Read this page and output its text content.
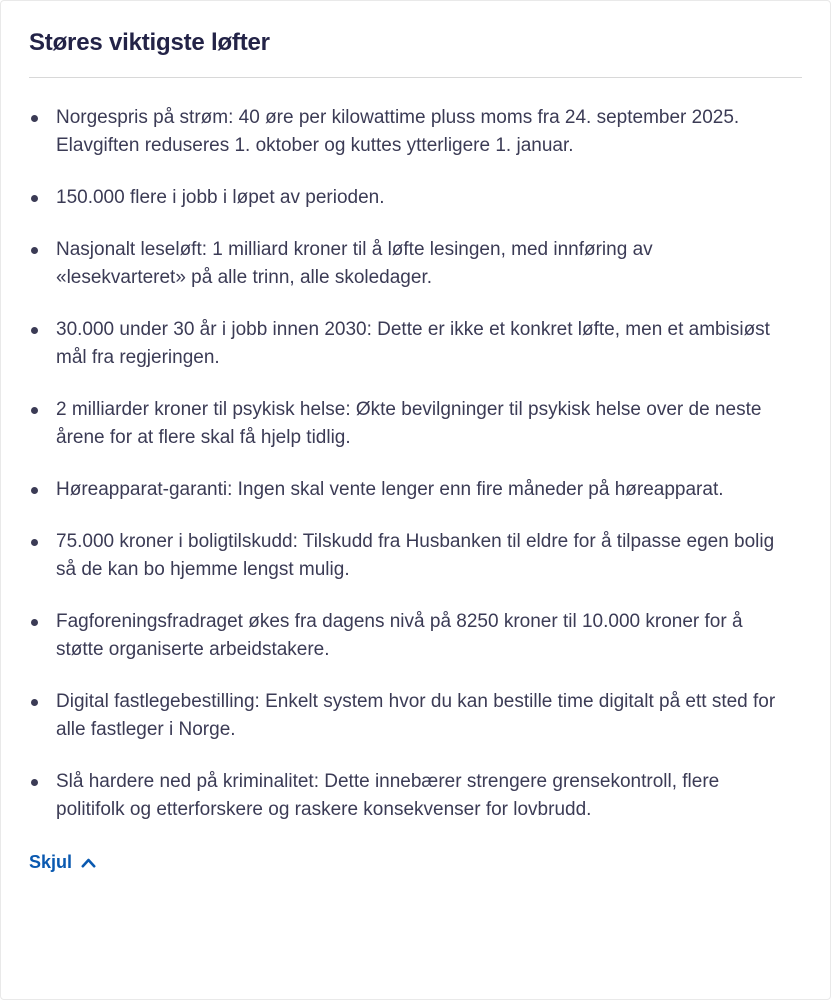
Støres viktigste løfter
Norgespris på strøm: 40 øre per kilowattime pluss moms fra 24. september 2025. Elavgiften reduseres 1. oktober og kuttes ytterligere 1. januar.
150.000 flere i jobb i løpet av perioden.
Nasjonalt leseløft: 1 milliard kroner til å løfte lesingen, med innføring av «lesekvarteret» på alle trinn, alle skoledager.
30.000 under 30 år i jobb innen 2030: Dette er ikke et konkret løfte, men et ambisiøst mål fra regjeringen.
2 milliarder kroner til psykisk helse: Økte bevilgninger til psykisk helse over de neste årene for at flere skal få hjelp tidlig.
Høreapparat-garanti: Ingen skal vente lenger enn fire måneder på høreapparat.
75.000 kroner i boligtilskudd: Tilskudd fra Husbanken til eldre for å tilpasse egen bolig så de kan bo hjemme lengst mulig.
Fagforeningsfradraget økes fra dagens nivå på 8250 kroner til 10.000 kroner for å støtte organiserte arbeidstakere.
Digital fastlegebestilling: Enkelt system hvor du kan bestille time digitalt på ett sted for alle fastleger i Norge.
Slå hardere ned på kriminalitet: Dette innebærer strengere grensekontroll, flere politifolk og etterforskere og raskere konsekvenser for lovbrudd.
Skjul
